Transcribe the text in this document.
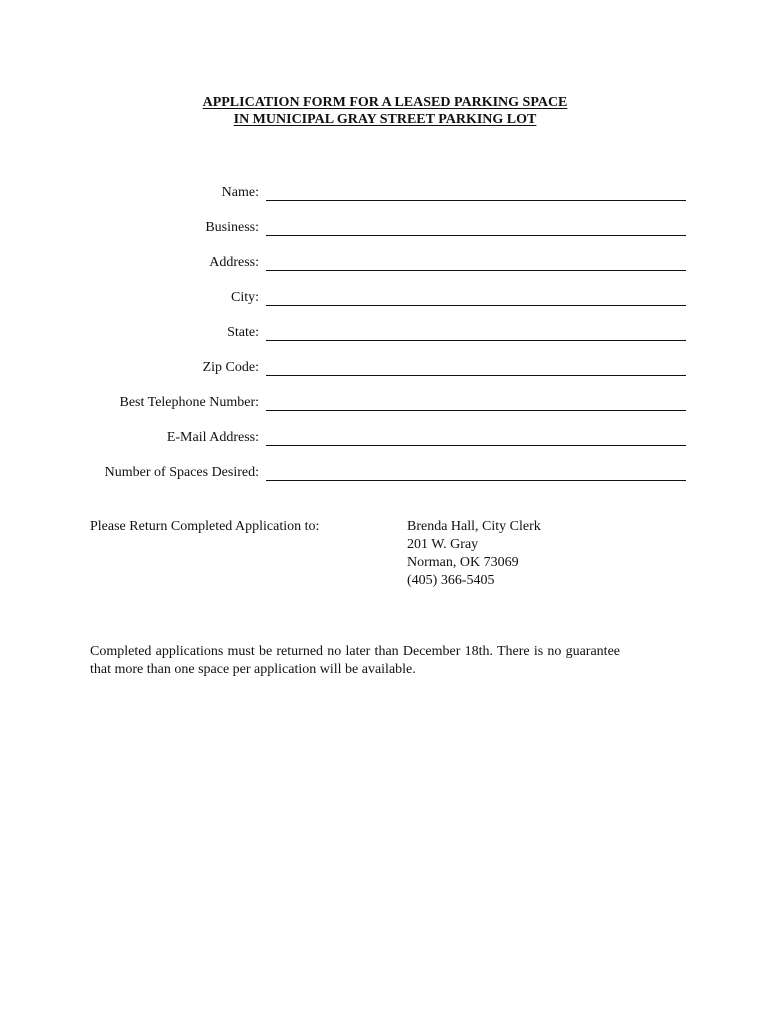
APPLICATION FORM FOR A LEASED PARKING SPACE
IN MUNICIPAL GRAY STREET PARKING LOT
Name:
Business:
Address:
City:
State:
Zip Code:
Best Telephone Number:
E-Mail Address:
Number of Spaces Desired:
Please Return Completed Application to:	Brenda Hall, City Clerk
201 W. Gray
Norman, OK 73069
(405) 366-5405
Completed applications must be returned no later than December 18th. There is no guarantee that more than one space per application will be available.
